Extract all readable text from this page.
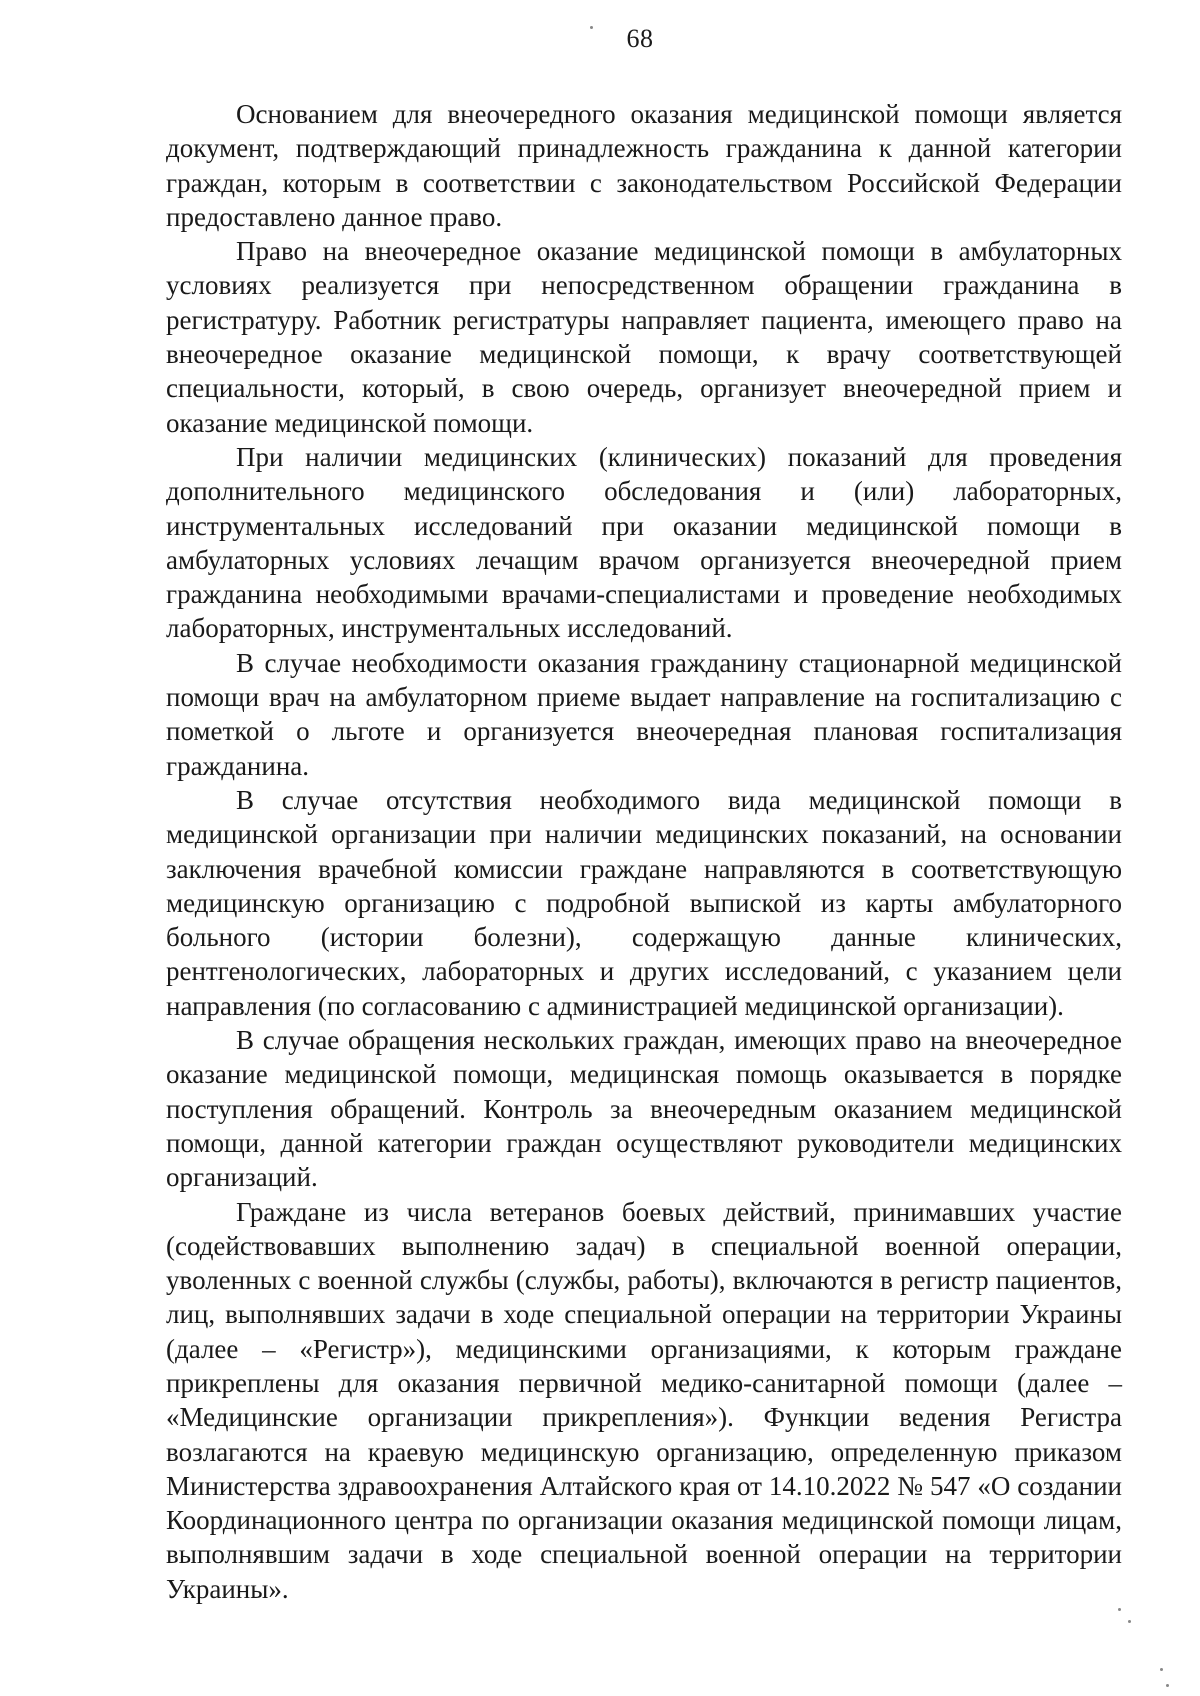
68

Основанием для внеочередного оказания медицинской помощи является документ, подтверждающий принадлежность гражданина к данной категории граждан, которым в соответствии с законодательством Российской Федерации предоставлено данное право.

Право на внеочередное оказание медицинской помощи в амбулаторных условиях реализуется при непосредственном обращении гражданина в регистратуру. Работник регистратуры направляет пациента, имеющего право на внеочередное оказание медицинской помощи, к врачу соответствующей специальности, который, в свою очередь, организует внеочередной прием и оказание медицинской помощи.

При наличии медицинских (клинических) показаний для проведения дополнительного медицинского обследования и (или) лабораторных, инструментальных исследований при оказании медицинской помощи в амбулаторных условиях лечащим врачом организуется внеочередной прием гражданина необходимыми врачами-специалистами и проведение необходимых лабораторных, инструментальных исследований.

В случае необходимости оказания гражданину стационарной медицинской помощи врач на амбулаторном приеме выдает направление на госпитализацию с пометкой о льготе и организуется внеочередная плановая госпитализация гражданина.

В случае отсутствия необходимого вида медицинской помощи в медицинской организации при наличии медицинских показаний, на основании заключения врачебной комиссии граждане направляются в соответствующую медицинскую организацию с подробной выпиской из карты амбулаторного больного (истории болезни), содержащую данные клинических, рентгенологических, лабораторных и других исследований, с указанием цели направления (по согласованию с администрацией медицинской организации).

В случае обращения нескольких граждан, имеющих право на внеочередное оказание медицинской помощи, медицинская помощь оказывается в порядке поступления обращений. Контроль за внеочередным оказанием медицинской помощи, данной категории граждан осуществляют руководители медицинских организаций.

Граждане из числа ветеранов боевых действий, принимавших участие (содействовавших выполнению задач) в специальной военной операции, уволенных с военной службы (службы, работы), включаются в регистр пациентов, лиц, выполнявших задачи в ходе специальной операции на территории Украины (далее – «Регистр»), медицинскими организациями, к которым граждане прикреплены для оказания первичной медико-санитарной помощи (далее – «Медицинские организации прикрепления»). Функции ведения Регистра возлагаются на краевую медицинскую организацию, определенную приказом Министерства здравоохранения Алтайского края от 14.10.2022 № 547 «О создании Координационного центра по организации оказания медицинской помощи лицам, выполнявшим задачи в ходе специальной военной операции на территории Украины».
